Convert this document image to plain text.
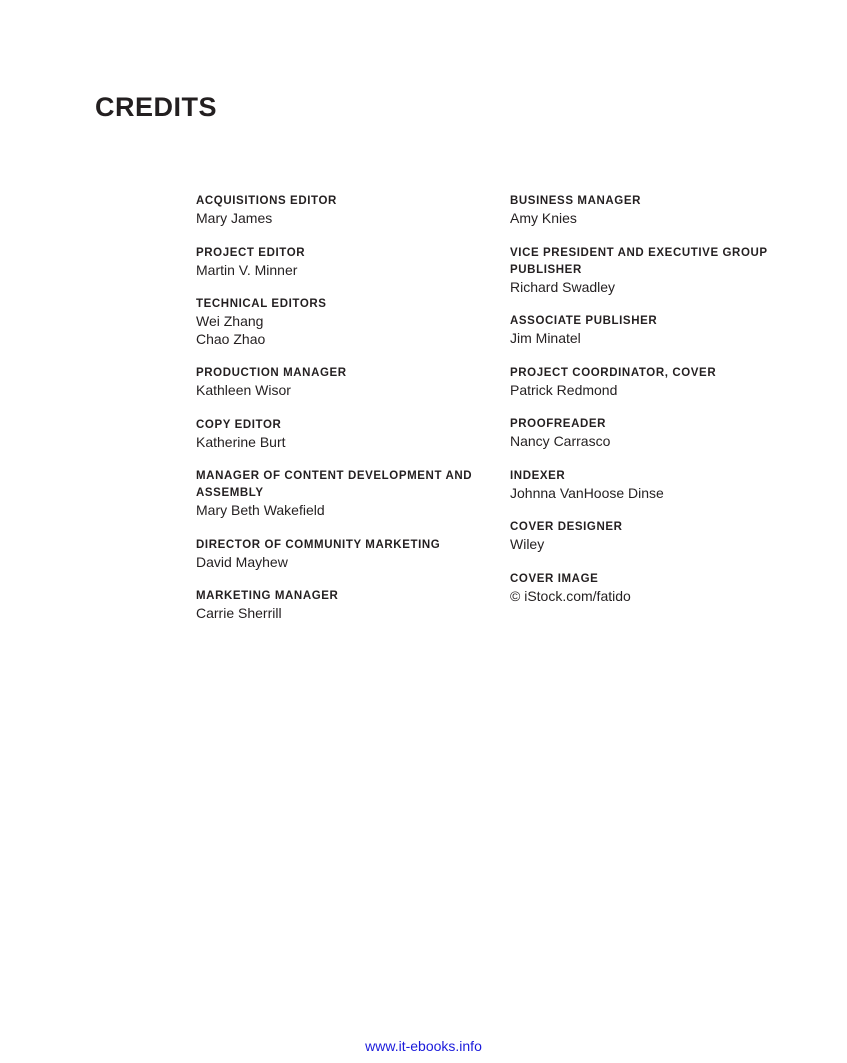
CREDITS
ACQUISITIONS EDITOR
Mary James
PROJECT EDITOR
Martin V. Minner
TECHNICAL EDITORS
Wei Zhang
Chao Zhao
PRODUCTION MANAGER
Kathleen Wisor
COPY EDITOR
Katherine Burt
MANAGER OF CONTENT DEVELOPMENT AND ASSEMBLY
Mary Beth Wakefield
DIRECTOR OF COMMUNITY MARKETING
David Mayhew
MARKETING MANAGER
Carrie Sherrill
BUSINESS MANAGER
Amy Knies
VICE PRESIDENT AND EXECUTIVE GROUP PUBLISHER
Richard Swadley
ASSOCIATE PUBLISHER
Jim Minatel
PROJECT COORDINATOR, COVER
Patrick Redmond
PROOFREADER
Nancy Carrasco
INDEXER
Johnna VanHoose Dinse
COVER DESIGNER
Wiley
COVER IMAGE
© iStock.com/fatido
www.it-ebooks.info
